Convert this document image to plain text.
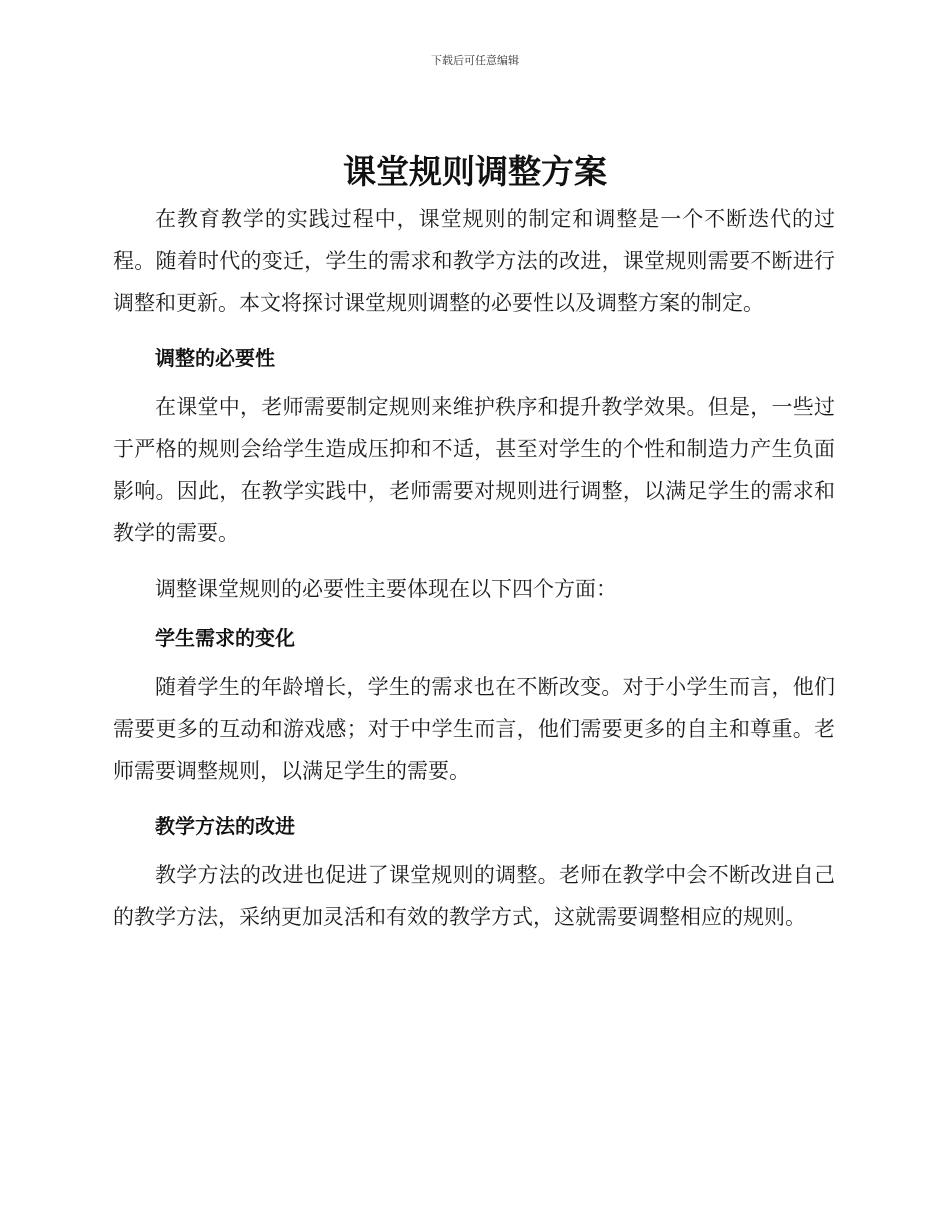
下载后可任意编辑
课堂规则调整方案

在教育教学的实践过程中，课堂规则的制定和调整是一个不断迭代的过程。随着时代的变迁，学生的需求和教学方法的改进，课堂规则需要不断进行调整和更新。本文将探讨课堂规则调整的必要性以及调整方案的制定。

调整的必要性

在课堂中，老师需要制定规则来维护秩序和提升教学效果。但是，一些过于严格的规则会给学生造成压抑和不适，甚至对学生的个性和制造力产生负面影响。因此，在教学实践中，老师需要对规则进行调整，以满足学生的需求和教学的需要。

调整课堂规则的必要性主要体现在以下四个方面：

学生需求的变化

随着学生的年龄增长，学生的需求也在不断改变。对于小学生而言，他们需要更多的互动和游戏感；对于中学生而言，他们需要更多的自主和尊重。老师需要调整规则，以满足学生的需要。

教学方法的改进

教学方法的改进也促进了课堂规则的调整。老师在教学中会不断改进自己的教学方法，采纳更加灵活和有效的教学方式，这就需要调整相应的规则。
